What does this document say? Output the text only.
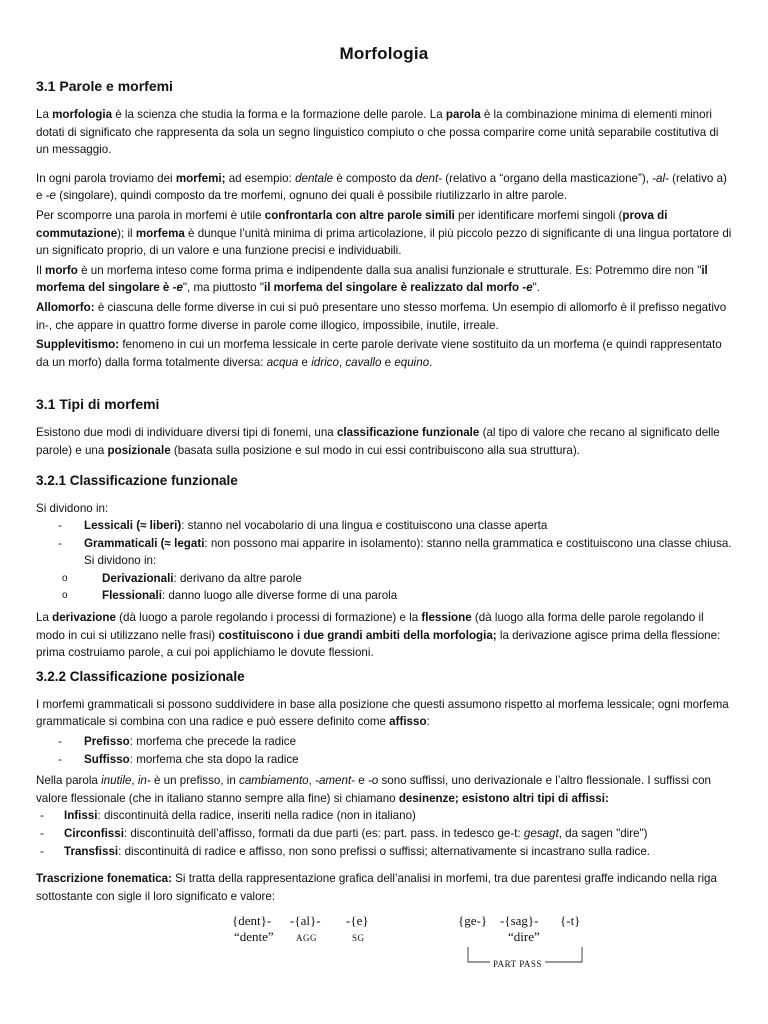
Morfologia
3.1 Parole e morfemi

La morfologia è la scienza che studia la forma e la formazione delle parole. La parola è la combinazione minima di elementi minori dotati di significato che rappresenta da sola un segno linguistico compiuto o che possa comparire come unità separabile costitutiva di un messaggio.

In ogni parola troviamo dei morfemi; ad esempio: dentale è composto da dent- (relativo a “organo della masticazione”), -al- (relativo a) e -e (singolare), quindi composto da tre morfemi, ognuno dei quali è possibile riutilizzarlo in altre parole.

Per scomporre una parola in morfemi è utile confrontarla con altre parole simili per identificare morfemi singoli (prova di commutazione); il morfema è dunque l’unità minima di prima articolazione, il più piccolo pezzo di significante di una lingua portatore di un significato proprio, di un valore e una funzione precisi e individuabili.

Il morfo è un morfema inteso come forma prima e indipendente dalla sua analisi funzionale e strutturale. Es: Potremmo dire non "il morfema del singolare è -e", ma piuttosto "il morfema del singolare è realizzato dal morfo -e".

Allomorfo: è ciascuna delle forme diverse in cui si può presentare uno stesso morfema. Un esempio di allomorfo è il prefisso negativo in-, che appare in quattro forme diverse in parole come illogico, impossibile, inutile, irreale.

Supplevitismo: fenomeno in cui un morfema lessicale in certe parole derivate viene sostituito da un morfema (e quindi rappresentato da un morfo) dalla forma totalmente diversa: acqua e idrico, cavallo e equino.

3.1 Tipi di morfemi

Esistono due modi di individuare diversi tipi di fonemi, una classificazione funzionale (al tipo di valore che recano al significato delle parole) e una posizionale (basata sulla posizione e sul modo in cui essi contribuiscono alla sua struttura).

3.2.1 Classificazione funzionale

Si dividono in:

- Lessicali (≈ liberi): stanno nel vocabolario di una lingua e costituiscono una classe aperta
- Grammaticali (≈ legati: non possono mai apparire in isolamento): stanno nella grammatica e costituiscono una classe chiusa. Si dividono in:
o Derivazionali: derivano da altre parole
o Flessionali: danno luogo alle diverse forme di una parola

La derivazione (dà luogo a parole regolando i processi di formazione) e la flessione (dà luogo alla forma delle parole regolando il modo in cui si utilizzano nelle frasi) costituiscono i due grandi ambiti della morfologia; la derivazione agisce prima della flessione: prima costruiamo parole, a cui poi applichiamo le dovute flessioni.

3.2.2 Classificazione posizionale

I morfemi grammaticali si possono suddividere in base alla posizione che questi assumono rispetto al morfema lessicale; ogni morfema grammaticale si combina con una radice e può essere definito come affisso:

- Prefisso: morfema che precede la radice
- Suffisso: morfema che sta dopo la radice

Nella parola inutile, in- è un prefisso, in cambiamento, -ament- e -o sono suffissi, uno derivazionale e l’altro flessionale. I suffissi con valore flessionale (che in italiano stanno sempre alla fine) si chiamano desinenze; esistono altri tipi di affissi:

- Infissi: discontinuità della radice, inseriti nella radice (non in italiano)
- Circonfissi: discontinuità dell’affisso, formati da due parti (es: part. pass. in tedesco ge-t: gesagt, da sagen "dire")
- Transfissi: discontinuità di radice e affisso, non sono prefissi o suffissi; alternativamente si incastrano sulla radice.

Trascrizione fonematica: Si tratta della rappresentazione grafica dell’analisi in morfemi, tra due parentesi graffe indicando nella riga sottostante con sigle il loro significato e valore:

{dent}- -{al}- -{e}
“dente” AGG	SG
{ge-} -{sag}- {-t}
“dire”
PART PASS
